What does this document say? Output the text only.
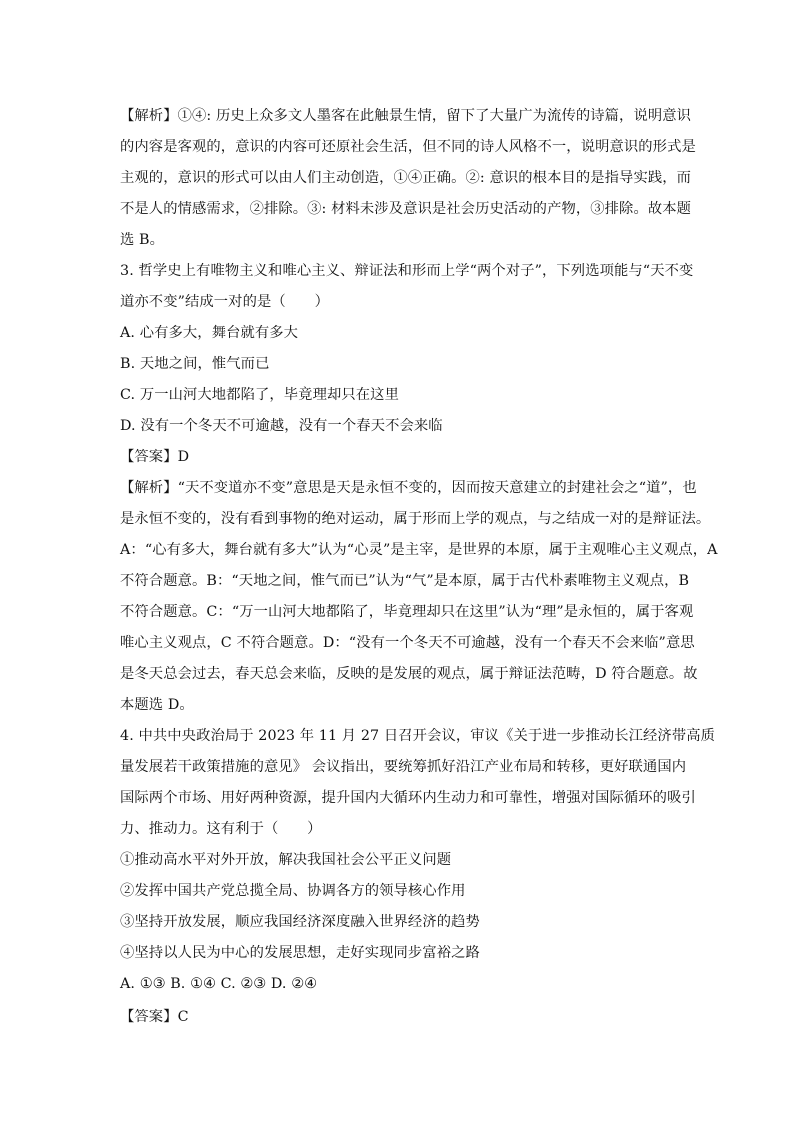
【解析】①④: 历史上众多文人墨客在此触景生情，留下了大量广为流传的诗篇，说明意识
的内容是客观的，意识的内容可还原社会生活，但不同的诗人风格不一，说明意识的形式是
主观的，意识的形式可以由人们主动创造，①④正确。②: 意识的根本目的是指导实践，而
不是人的情感需求，②排除。③: 材料未涉及意识是社会历史活动的产物，③排除。故本题
选 B。
3. 哲学史上有唯物主义和唯心主义、辩证法和形而上学“两个对子”，下列选项能与“天不变
道亦不变”结成一对的是（　　）
A. 心有多大，舞台就有多大
B. 天地之间，惟气而已
C. 万一山河大地都陷了，毕竟理却只在这里
D. 没有一个冬天不可逾越，没有一个春天不会来临
【答案】D
【解析】“天不变道亦不变”意思是天是永恒不变的，因而按天意建立的封建社会之“道”，也
是永恒不变的，没有看到事物的绝对运动，属于形而上学的观点，与之结成一对的是辩证法。
A：“心有多大，舞台就有多大”认为“心灵”是主宰，是世界的本原，属于主观唯心主义观点，A
不符合题意。B：“天地之间，惟气而已”认为“气”是本原，属于古代朴素唯物主义观点，B
不符合题意。C：“万一山河大地都陷了，毕竟理却只在这里”认为“理”是永恒的，属于客观
唯心主义观点，C 不符合题意。D：“没有一个冬天不可逾越，没有一个春天不会来临”意思
是冬天总会过去，春天总会来临，反映的是发展的观点，属于辩证法范畴，D 符合题意。故
本题选 D。
4. 中共中央政治局于 2023 年 11 月 27 日召开会议，审议《关于进一步推动长江经济带高质
量发展若干政策措施的意见》 会议指出，要统筹抓好沿江产业布局和转移，更好联通国内
国际两个市场、用好两种资源，提升国内大循环内生动力和可靠性，增强对国际循环的吸引
力、推动力。这有利于（　　）
①推动高水平对外开放，解决我国社会公平正义问题
②发挥中国共产党总揽全局、协调各方的领导核心作用
③坚持开放发展，顺应我国经济深度融入世界经济的趋势
④坚持以人民为中心的发展思想，走好实现同步富裕之路
A. ①③ B. ①④ C. ②③ D. ②④
【答案】C
